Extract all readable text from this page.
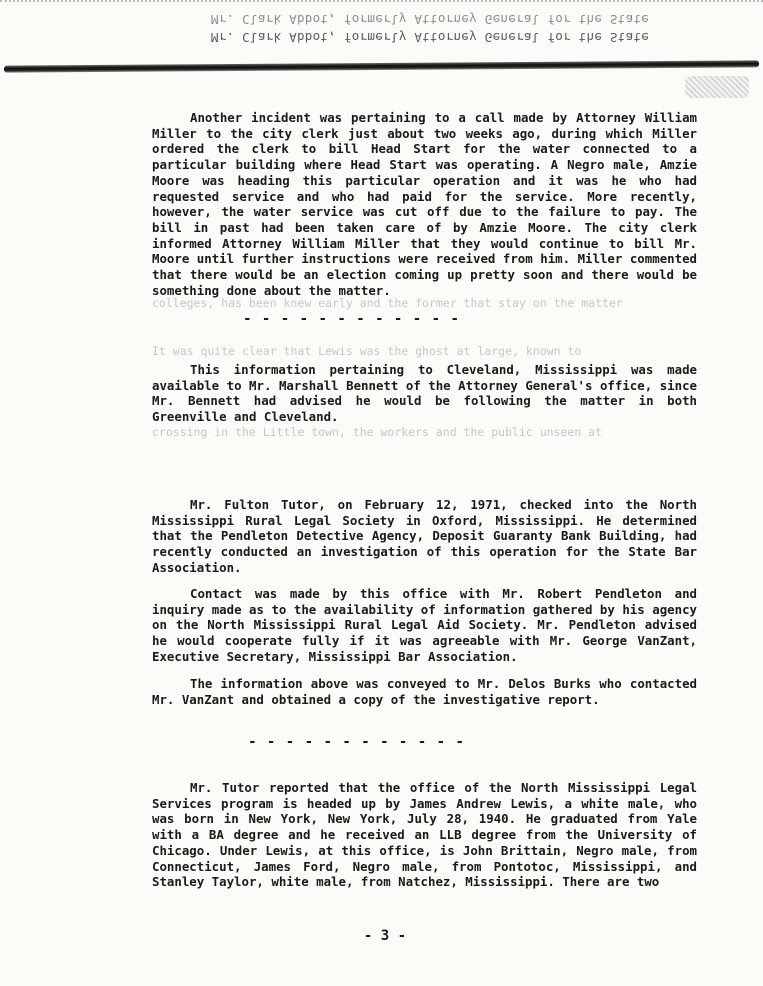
Mr. Clark Abbot, formerly Attorney General for the State
Mr. Clark Abbot, formerly Attorney General for the State
Another incident was pertaining to a call made by Attorney William Miller to the city clerk just about two weeks ago, during which Miller ordered the clerk to bill Head Start for the water connected to a particular building where Head Start was operating. A Negro male, Amzie Moore was heading this particular operation and it was he who had requested service and who had paid for the service. More recently, however, the water service was cut off due to the failure to pay. The bill in past had been taken care of by Amzie Moore. The city clerk informed Attorney William Miller that they would continue to bill Mr. Moore until further instructions were received from him. Miller commented that there would be an election coming up pretty soon and there would be something done about the matter.
colleges, has been knew early and the former that stay on the matter
- - - - - - - - - - - -
It was quite clear that Lewis was the ghost at large, known to
This information pertaining to Cleveland, Mississippi was made available to Mr. Marshall Bennett of the Attorney General's office, since Mr. Bennett had advised he would be following the matter in both Greenville and Cleveland.
crossing in the Little town, the workers and the public unseen at
Mr. Fulton Tutor, on February 12, 1971, checked into the North Mississippi Rural Legal Society in Oxford, Mississippi. He determined that the Pendleton Detective Agency, Deposit Guaranty Bank Building, had recently conducted an investigation of this operation for the State Bar Association.
Contact was made by this office with Mr. Robert Pendleton and inquiry made as to the availability of information gathered by his agency on the North Mississippi Rural Legal Aid Society. Mr. Pendleton advised he would cooperate fully if it was agreeable with Mr. George VanZant, Executive Secretary, Mississippi Bar Association.
The information above was conveyed to Mr. Delos Burks who contacted Mr. VanZant and obtained a copy of the investigative report.
- - - - - - - - - - - -
Mr. Tutor reported that the office of the North Mississippi Legal Services program is headed up by James Andrew Lewis, a white male, who was born in New York, New York, July 28, 1940. He graduated from Yale with a BA degree and he received an LLB degree from the University of Chicago. Under Lewis, at this office, is John Brittain, Negro male, from Connecticut, James Ford, Negro male, from Pontotoc, Mississippi, and Stanley Taylor, white male, from Natchez, Mississippi. There are two
- 3 -
